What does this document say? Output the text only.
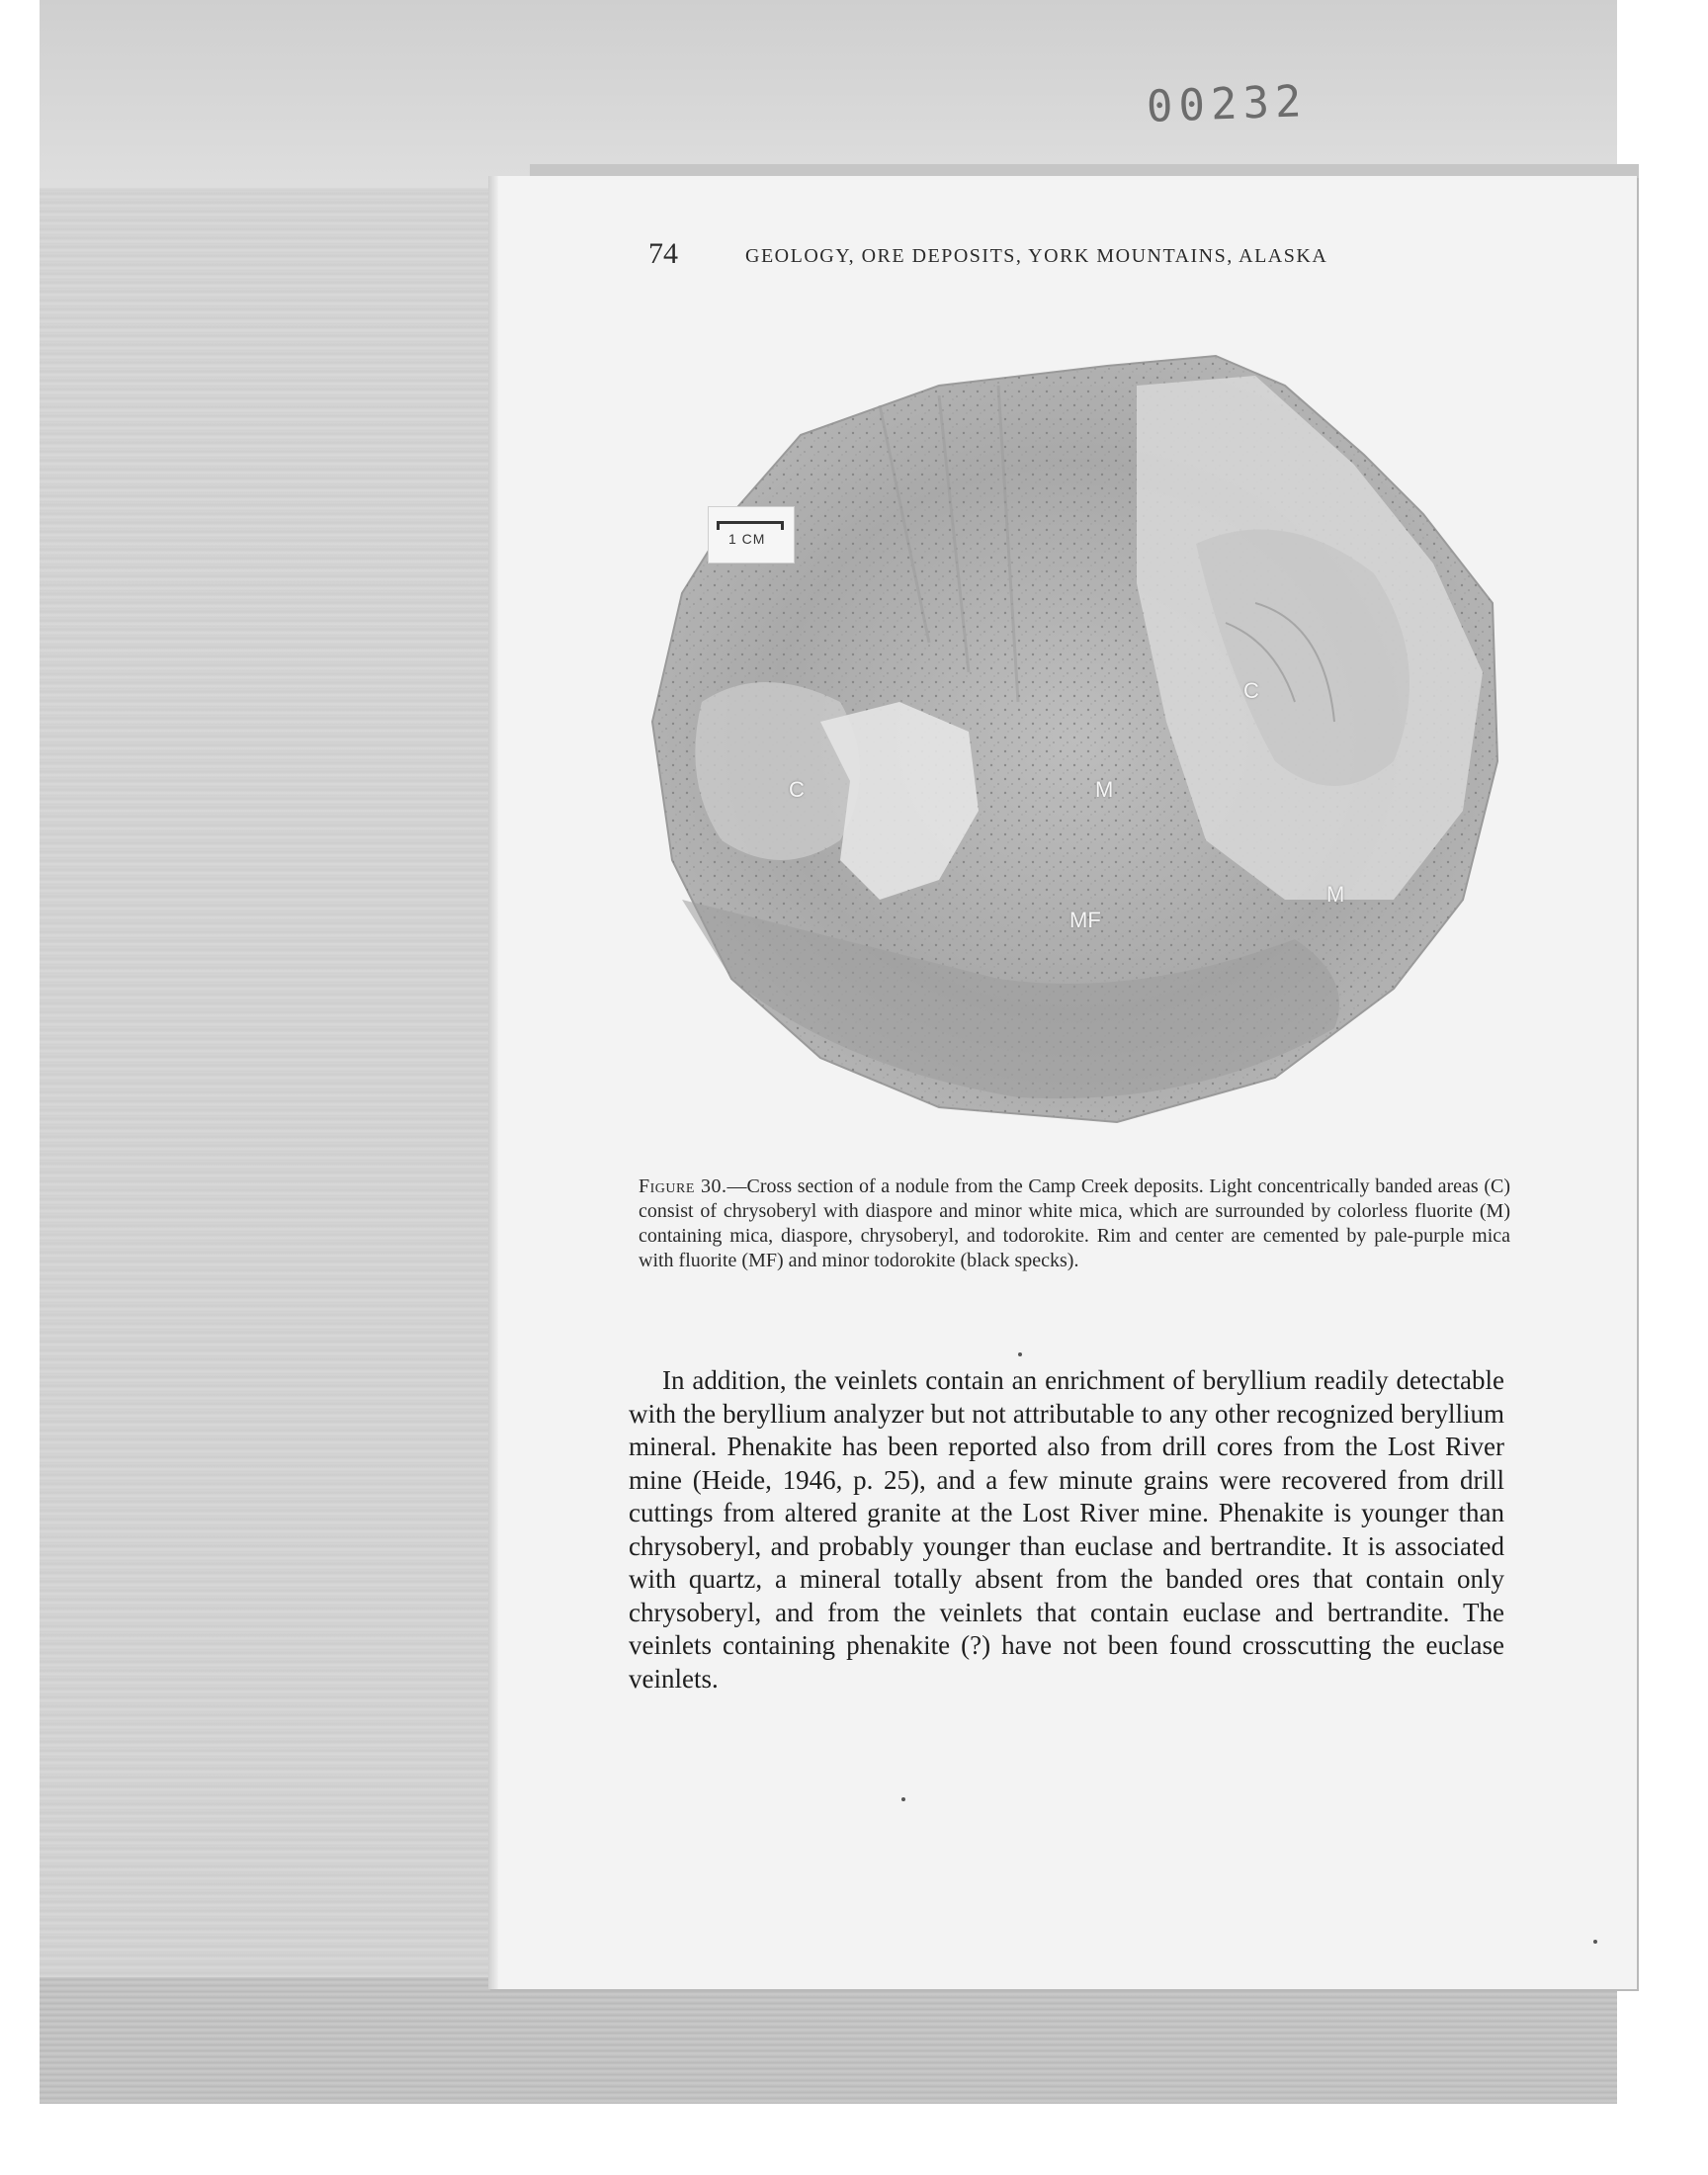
00232
74	GEOLOGY, ORE DEPOSITS, YORK MOUNTAINS, ALASKA
1 CM
C
C	M
M
MF
Figure 30.—Cross section of a nodule from the Camp Creek deposits. Light concentrically banded areas (C) consist of chrysoberyl with diaspore and minor white mica, which are surrounded by colorless fluorite (M) containing mica, diaspore, chrysoberyl, and todorokite. Rim and center are cemented by pale-purple mica with fluorite (MF) and minor todorokite (black specks).
In addition, the veinlets contain an enrichment of beryllium readily detectable with the beryllium analyzer but not attributable to any other recognized beryllium mineral. Phenakite has been reported also from drill cores from the Lost River mine (Heide, 1946, p. 25), and a few minute grains were recovered from drill cuttings from altered granite at the Lost River mine. Phenakite is younger than chrysoberyl, and probably younger than euclase and bertrandite. It is associated with quartz, a mineral totally absent from the banded ores that contain only chrysoberyl, and from the veinlets that contain euclase and bertrandite. The veinlets containing phenakite (?) have not been found crosscutting the euclase veinlets.
